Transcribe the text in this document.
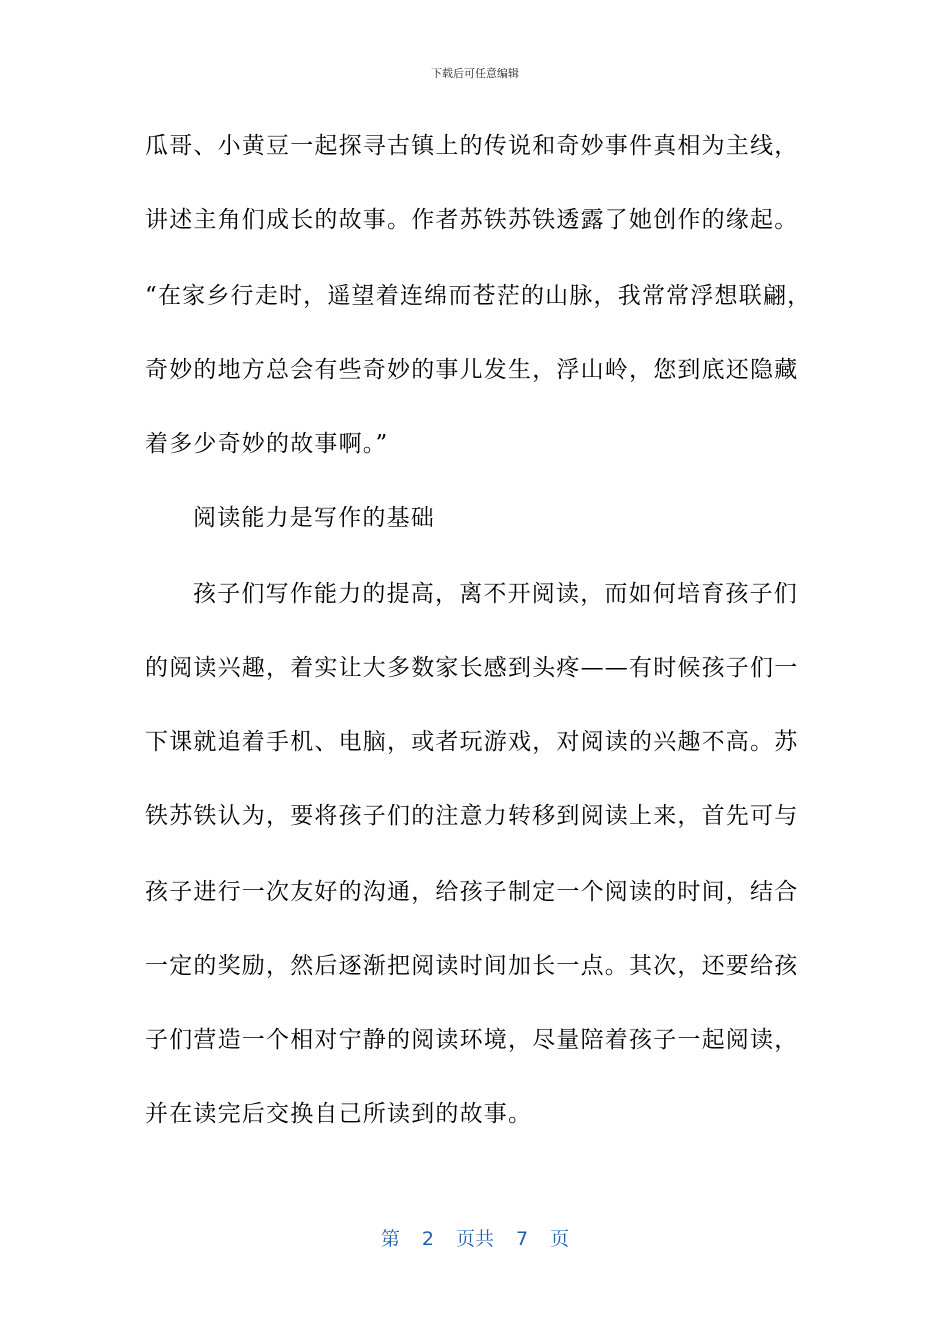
下载后可任意编辑
瓜哥、小黄豆一起探寻古镇上的传说和奇妙事件真相为主线，
讲述主角们成长的故事。作者苏铁苏铁透露了她创作的缘起。
“在家乡行走时，遥望着连绵而苍茫的山脉，我常常浮想联翩，
奇妙的地方总会有些奇妙的事儿发生，浮山岭，您到底还隐藏
着多少奇妙的故事啊。”
阅读能力是写作的基础
孩子们写作能力的提高，离不开阅读，而如何培育孩子们
的阅读兴趣，着实让大多数家长感到头疼——有时候孩子们一
下课就追着手机、电脑，或者玩游戏，对阅读的兴趣不高。苏
铁苏铁认为，要将孩子们的注意力转移到阅读上来，首先可与
孩子进行一次友好的沟通，给孩子制定一个阅读的时间，结合
一定的奖励，然后逐渐把阅读时间加长一点。其次，还要给孩
子们营造一个相对宁静的阅读环境，尽量陪着孩子一起阅读，
并在读完后交换自己所读到的故事。
第 2 页共 7 页
